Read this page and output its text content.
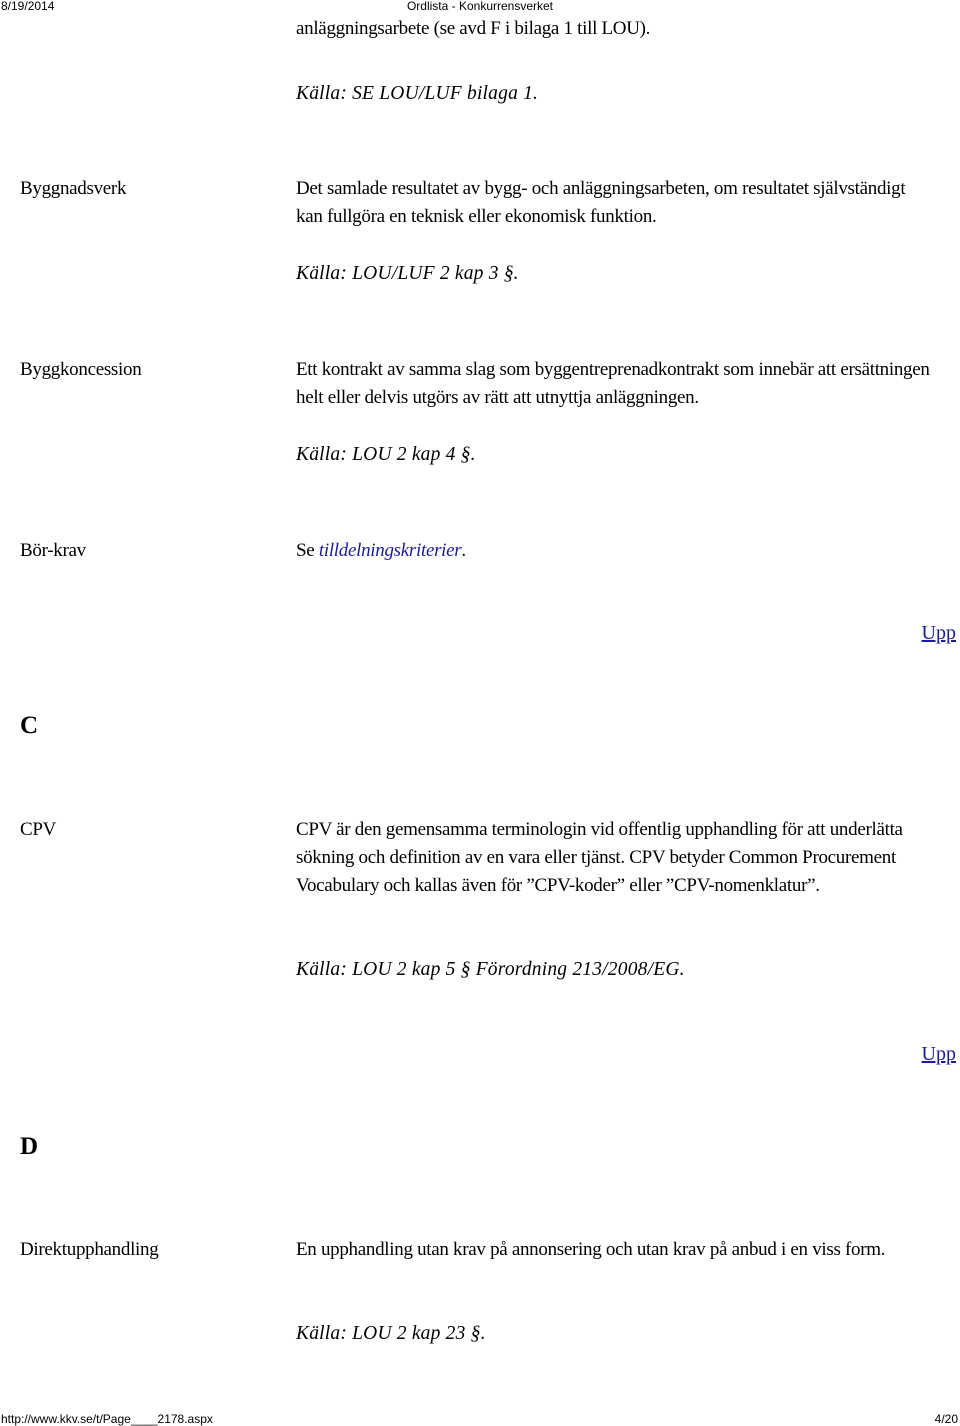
8/19/2014	Ordlista - Konkurrensverket
anläggningsarbete (se avd F i bilaga 1 till LOU).
Källa: SE LOU/LUF bilaga 1.
Byggnadsverk	Det samlade resultatet av bygg- och anläggningsarbeten, om resultatet självständigt kan fullgöra en teknisk eller ekonomisk funktion.
Källa: LOU/LUF 2 kap 3 §.
Byggkoncession	Ett kontrakt av samma slag som byggentreprenadkontrakt som innebär att ersättningen helt eller delvis utgörs av rätt att utnyttja anläggningen.
Källa: LOU 2 kap 4 §.
Bör-krav	Se tilldelningskriterier.
Upp
C
CPV	CPV är den gemensamma terminologin vid offentlig upphandling för att underlätta sökning och definition av en vara eller tjänst. CPV betyder Common Procurement Vocabulary och kallas även för ”CPV-koder” eller ”CPV-nomenklatur”.
Källa: LOU 2 kap 5 § Förordning 213/2008/EG.
Upp
D
Direktupphandling	En upphandling utan krav på annonsering och utan krav på anbud i en viss form.
Källa: LOU 2 kap 23 §.
http://www.kkv.se/t/Page____2178.aspx	4/20
